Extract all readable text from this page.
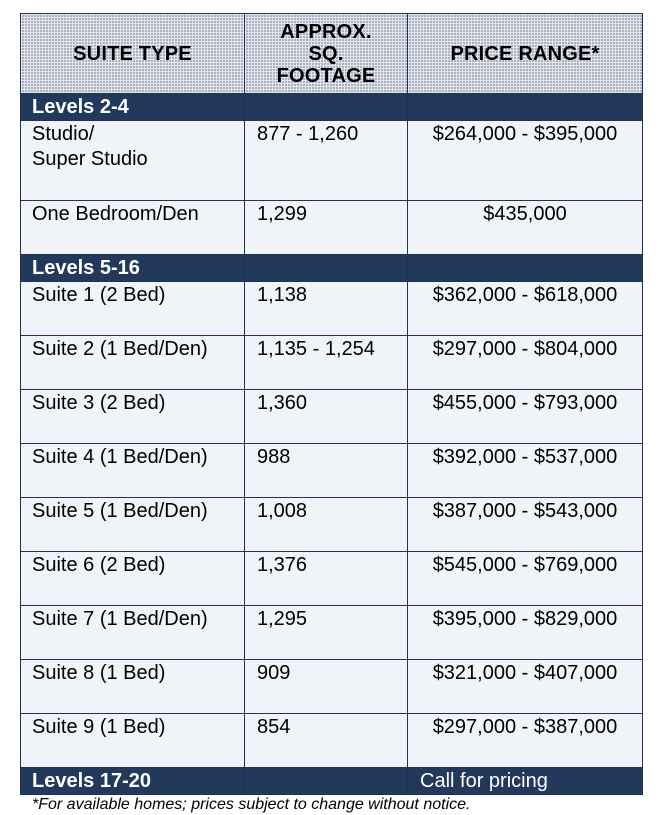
SUITE TYPE	APPROX.
SQ.
FOOTAGE	PRICE RANGE*
Levels 2-4		
Studio/
Super Studio	877 - 1,260	$264,000 - $395,000
One Bedroom/Den	1,299	$435,000
Levels 5-16		
Suite 1 (2 Bed)	1,138	$362,000 - $618,000
Suite 2 (1 Bed/Den)	1,135 - 1,254	$297,000 - $804,000
Suite 3 (2 Bed)	1,360	$455,000 - $793,000
Suite 4 (1 Bed/Den)	988	$392,000 - $537,000
Suite 5 (1 Bed/Den)	1,008	$387,000 - $543,000
Suite 6 (2 Bed)	1,376	$545,000 - $769,000
Suite 7 (1 Bed/Den)	1,295	$395,000 - $829,000
Suite 8 (1 Bed)	909	$321,000 - $407,000
Suite 9 (1 Bed)	854	$297,000 - $387,000
Levels 17-20		Call for pricing
*For available homes; prices subject to change without notice.
